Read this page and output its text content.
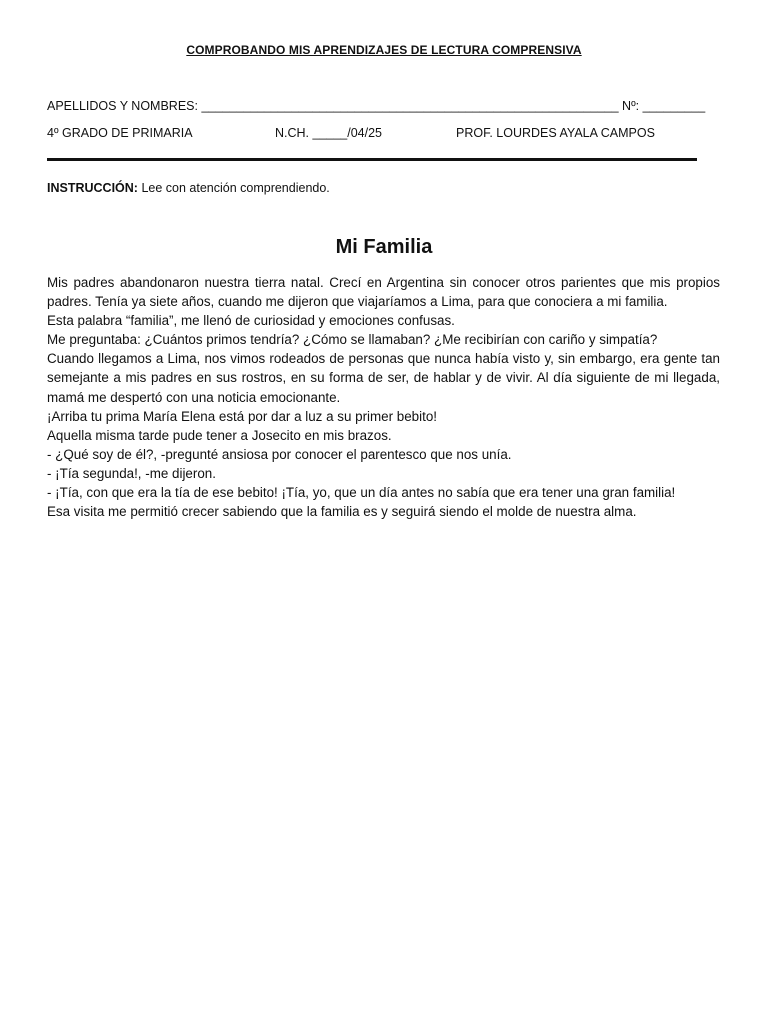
COMPROBANDO MIS APRENDIZAJES DE LECTURA COMPRENSIVA
APELLIDOS Y NOMBRES: ____________________________________________________________ Nº: _________
4º GRADO DE PRIMARIA	N.CH. _____/04/25	PROF. LOURDES AYALA CAMPOS
INSTRUCCIÓN: Lee con atención comprendiendo.
Mi Familia

Mis padres abandonaron nuestra tierra natal. Crecí en Argentina sin conocer otros parientes que mis propios padres. Tenía ya siete años, cuando me dijeron que viajaríamos a Lima, para que conociera a mi familia.

Esta palabra “familia”, me llenó de curiosidad y emociones confusas.

Me preguntaba: ¿Cuántos primos tendría? ¿Cómo se llamaban? ¿Me recibirían con cariño y simpatía?

Cuando llegamos a Lima, nos vimos rodeados de personas que nunca había visto y, sin embargo, era gente tan semejante a mis padres en sus rostros, en su forma de ser, de hablar y de vivir. Al día siguiente de mi llegada, mamá me despertó con una noticia emocionante.

¡Arriba tu prima María Elena está por dar a luz a su primer bebito!

Aquella misma tarde pude tener a Josecito en mis brazos.

- ¿Qué soy de él?, -pregunté ansiosa por conocer el parentesco que nos unía.

- ¡Tía segunda!, -me dijeron.

- ¡Tía, con que era la tía de ese bebito! ¡Tía, yo, que un día antes no sabía que era tener una gran familia!

Esa visita me permitió crecer sabiendo que la familia es y seguirá siendo el molde de nuestra alma.
